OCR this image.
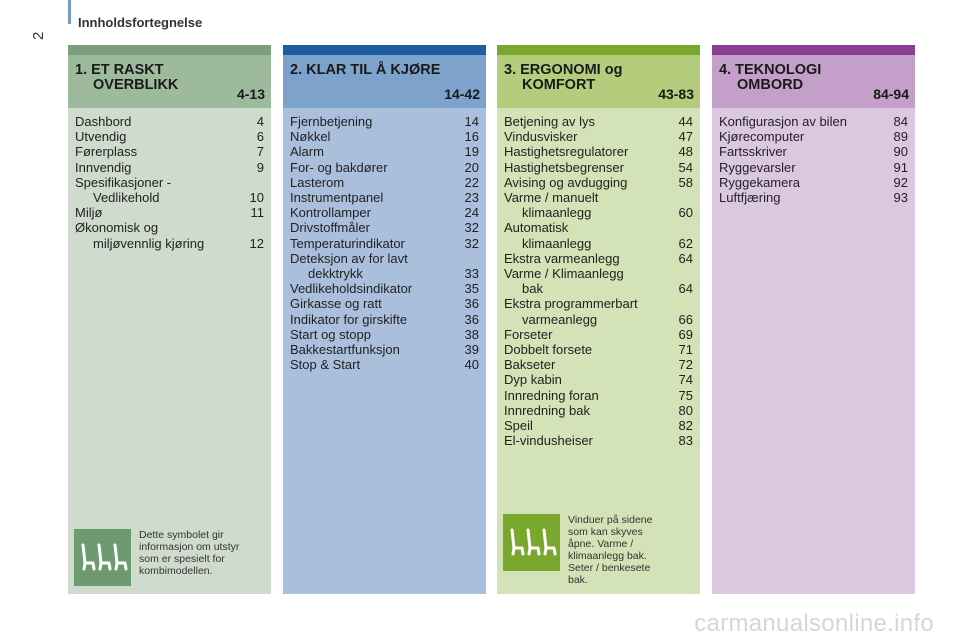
2
Innholdsfortegnelse
1. ET RASKT
OVERBLIKK
4-13
Dashbord	4
Utvendig	6
Førerplass	7
Innvendig	9
Spesifikasjoner -
Vedlikehold	10
Miljø	11
Økonomisk og
miljøvennlig kjøring	12
Dette symbolet gir informasjon om utstyr som er spesielt for kombimodellen.
2. KLAR TIL Å KJØRE
14-42
Fjernbetjening	14
Nøkkel	16
Alarm	19
For- og bakdører	20
Lasterom	22
Instrumentpanel	23
Kontrollamper	24
Drivstoffmåler	32
Temperaturindikator	32
Deteksjon av for lavt
dekktrykk	33
Vedlikeholdsindikator	35
Girkasse og ratt	36
Indikator for girskifte	36
Start og stopp	38
Bakkestartfunksjon	39
Stop & Start	40
3. ERGONOMI og
KOMFORT
43-83
Betjening av lys	44
Vindusvisker	47
Hastighetsregulatorer	48
Hastighetsbegrenser	54
Avising og avdugging	58
Varme / manuelt
klimaanlegg	60
Automatisk
klimaanlegg	62
Ekstra varmeanlegg	64
Varme / Klimaanlegg
bak	64
Ekstra programmerbart
varmeanlegg	66
Forseter	69
Dobbelt forsete	71
Bakseter	72
Dyp kabin	74
Innredning foran	75
Innredning bak	80
Speil	82
El-vindusheiser	83
Vinduer på sidene som kan skyves åpne. Varme / klimaanlegg bak. Seter / benkesete bak.
4. TEKNOLOGI
OMBORD
84-94
Konfigurasjon av bilen	84
Kjørecomputer	89
Fartsskriver	90
Ryggevarsler	91
Ryggekamera	92
Luftfjæring	93
carmanualsonline.info
